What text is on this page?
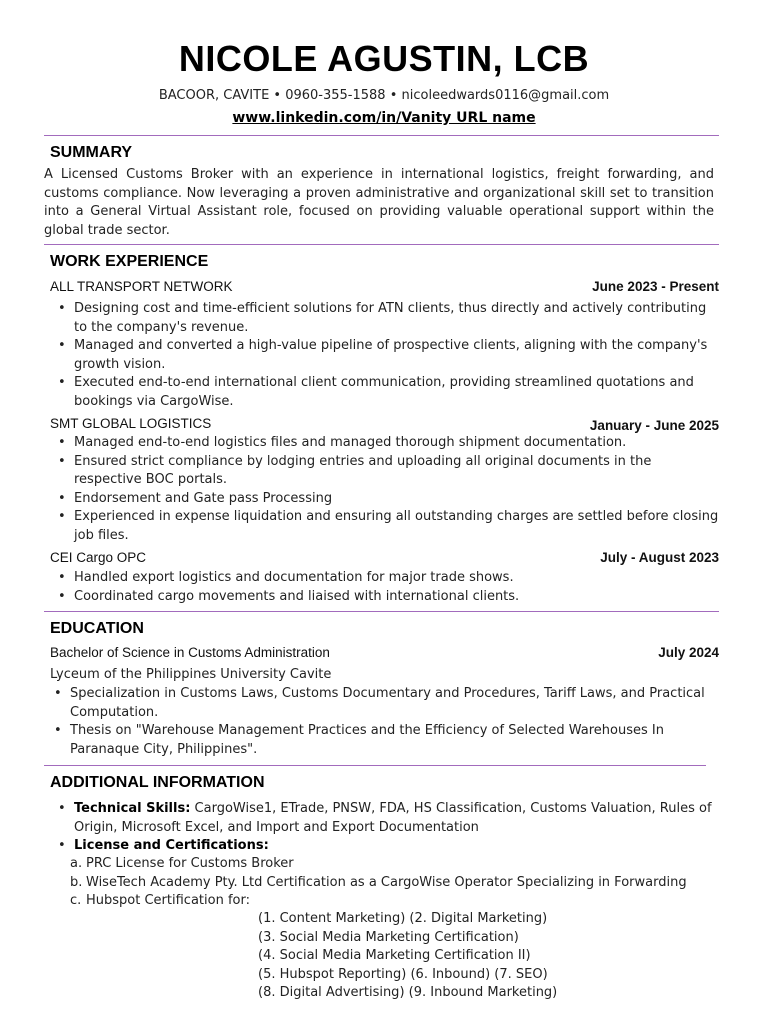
NICOLE AGUSTIN, LCB
BACOOR, CAVITE • 0960-355-1588 • nicoleedwards0116@gmail.com
www.linkedin.com/in/Vanity URL name
SUMMARY
A Licensed Customs Broker with an experience in international logistics, freight forwarding, and customs compliance. Now leveraging a proven administrative and organizational skill set to transition into a General Virtual Assistant role, focused on providing valuable operational support within the global trade sector.
WORK EXPERIENCE
ALL TRANSPORT NETWORK	June 2023 - Present
• Designing cost and time-efficient solutions for ATN clients, thus directly and actively contributing to the company's revenue.
• Managed and converted a high-value pipeline of prospective clients, aligning with the company's growth vision.
• Executed end-to-end international client communication, providing streamlined quotations and bookings via CargoWise.
SMT GLOBAL LOGISTICS	January - June 2025
• Managed end-to-end logistics files and managed thorough shipment documentation.
• Ensured strict compliance by lodging entries and uploading all original documents in the respective BOC portals.
• Endorsement and Gate pass Processing
• Experienced in expense liquidation and ensuring all outstanding charges are settled before closing job files.
CEI Cargo OPC	July - August 2023
• Handled export logistics and documentation for major trade shows.
• Coordinated cargo movements and liaised with international clients.
EDUCATION
Bachelor of Science in Customs Administration	July 2024
Lyceum of the Philippines University Cavite
• Specialization in Customs Laws, Customs Documentary and Procedures, Tariff Laws, and Practical Computation.
• Thesis on "Warehouse Management Practices and the Efficiency of Selected Warehouses In Paranaque City, Philippines".
ADDITIONAL INFORMATION
• Technical Skills: CargoWise1, ETrade, PNSW, FDA, HS Classification, Customs Valuation, Rules of Origin, Microsoft Excel, and Import and Export Documentation
• License and Certifications:
a. PRC License for Customs Broker
b. WiseTech Academy Pty. Ltd Certification as a CargoWise Operator Specializing in Forwarding
c. Hubspot Certification for:
(1. Content Marketing) (2. Digital Marketing)
(3. Social Media Marketing Certification)
(4. Social Media Marketing Certification II)
(5. Hubspot Reporting) (6. Inbound) (7. SEO)
(8. Digital Advertising) (9. Inbound Marketing)
